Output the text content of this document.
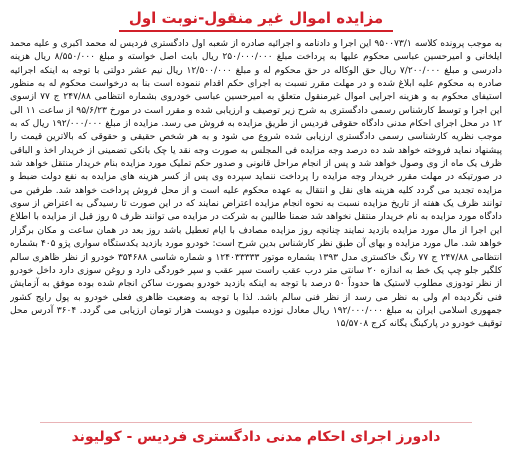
مزایده اموال غیر منقول-نوبت اول

به موجب پرونده کلاسه ۹۵۰۰۷۳/۱ این اجرا و دادنامه و اجرائیه صادره از شعبه اول دادگستری فردیس له محمد اکبری و علیه محمد ایلخانی و امیرحسین عباسی محکوم علیها به پرداخت مبلغ ۲۵۰/۰۰۰/۰۰۰ ریال بابت اصل خواسته و مبلغ ۸/۵۵۰/۰۰۰ ریال هزینه دادرسی و مبلغ ۷/۲۰۰/۰۰۰ ریال حق الوکاله در حق محکوم له و مبلغ ۱۲/۵۰۰/۰۰۰ ریال نیم عشر دولتی با توجه به اینکه اجرائیه صادره به محکوم علیه ابلاغ شده و در مهلت مقرر نسبت به اجرای حکم اقدام ننموده است بنا به درخواست محکوم له به منظور استیفای محکوم به و هزینه اجرایی اموال غیرمنقول متعلق به امیرحسین عباسی خودروی بشماره انتظامی ۲۴۷/۸۸ ج ۷۷ ازسوی این اجرا و توسط کارشناس رسمی دادگستری به شرح زیر توصیف و ارزیابی شده و مقرر است در مورخ ۹۵/۶/۲۳ از ساعت ۱۱ الی ۱۲ در محل اجرای احکام مدنی دادگاه حقوقی فردیس از طریق مزایده به فروش می رسد. مزایده از مبلغ ۱۹۲/۰۰۰/۰۰۰ ریال که به موجب نظریه کارشناسی رسمی دادگستری ارزیابی شده شروع می شود و به هر شخص حقیقی و حقوقی که بالاترین قیمت را پیشنهاد نماید فروخته خواهد شد ده درصد وجه مزایده فی المجلس به صورت وجه نقد یا چک بانکی تضمینی از خریدار اخذ و الباقی ظرف یک ماه از وی وصول خواهد شد و پس از انجام مراحل قانونی و صدور حکم تملیک مورد مزایده بنام خریدار منتقل خواهد شد در صورتیکه در مهلت مقرر خریدار وجه مزایده را پرداخت ننماید سپرده وی پس از کسر هزینه های مزایده به نفع دولت ضبط و مزایده تجدید می گردد کلیه هزینه های نقل و انتقال به عهده محکوم علیه است و از محل فروش پرداخت خواهد شد. طرفین می توانند ظرف یک هفته از تاریخ مزایده نسبت به نحوه انجام مزایده اعتراض نمایند که در این صورت تا رسیدگی به اعتراض از سوی دادگاه مورد مزایده به نام خریدار منتقل نخواهد شد ضمنا طالبین به شرکت در مزایده می توانند ظرف ۵ روز قبل از مزایده با اطلاع این اجرا از مال مورد مزایده بازدید نمایند چنانچه روز مزایده مصادف با ایام تعطیل باشد روز بعد در همان ساعت و مکان برگزار خواهد شد. مال مورد مزایده و بهای آن طبق نظر کارشناس بدین شرح است: خودرو مورد بازدید یکدستگاه سواری پژو ۴۰۵ بشماره انتظامی ۲۴۷/۸۸ ج ۷۷ رنگ خاکستری مدل ۱۳۹۳ بشماره موتور ۱۲۴۰۳۳۳۳۳ و شماره شاسی ۳۵۴۶۸۸ خودرو از نظر ظاهری سالم کلگیر جلو چپ یک خط به اندازه ۲۰ سانتی متر درب عقب راست سپر عقب و سپر خوردگی دارد و روغن سوزی دارد داخل خودرو از نظر تودوزی مطلوب لاستیک ها حدوداً ۵۰ درصد با توجه به اینکه بازدید خودرو بصورت ساکن انجام شده بوده موفق به آزمایش فنی نگردیده ام ولی به نظر می رسد از نظر فنی سالم باشد. لذا با توجه به وضعیت ظاهری فعلی خودرو به پول رایج کشور جمهوری اسلامی ایران به مبلغ ۱۹۲/۰۰۰/۰۰۰ ریال معادل نوزده میلیون و دویست هزار تومان ارزیابی می گردد. ۳۶۰۴ آدرس محل توقیف خودرو در پارکینگ یگانه کرج ۱۵/۵۷۰۸

دادورز اجرای احکام مدنی دادگستری فردیس - کولیوند
